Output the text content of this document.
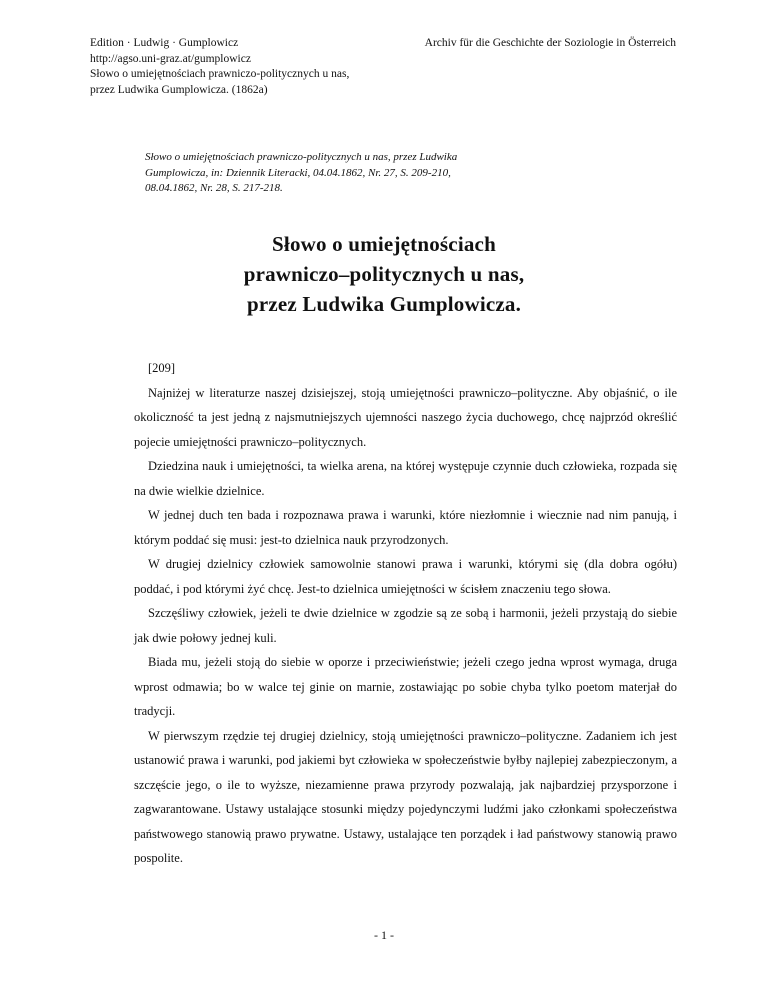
Edition · Ludwig · Gumplowicz
http://agso.uni-graz.at/gumplowicz
Słowo o umiejętnościach prawniczo-politycznych u nas,
przez Ludwika Gumplowicza. (1862a)
Archiv für die Geschichte der Soziologie in Österreich
Słowo o umiejętnościach prawniczo-politycznych u nas, przez Ludwika
Gumplowicza, in: Dziennik Literacki, 04.04.1862, Nr. 27, S. 209-210,
08.04.1862, Nr. 28, S. 217-218.
Słowo o umiejętnościach
prawniczo–politycznych u nas,
przez Ludwika Gumplowicza.
[209]

Najniżej w literaturze naszej dzisiejszej, stoją umiejętności prawniczo–polityczne. Aby objaśnić, o ile okoliczność ta jest jedną z najsmutniejszych ujemności naszego życia duchowego, chcę najprzód określić pojecie umiejętności prawniczo–politycznych.

Dziedzina nauk i umiejętności, ta wielka arena, na której występuje czynnie duch człowieka, rozpada się na dwie wielkie dzielnice.

W jednej duch ten bada i rozpoznawa prawa i warunki, które niezłomnie i wiecznie nad nim panują, i którym poddać się musi: jest-to dzielnica nauk przyrodzonych.

W drugiej dzielnicy człowiek samowolnie stanowi prawa i warunki, którymi się (dla dobra ogółu) poddać, i pod którymi żyć chcę. Jest-to dzielnica umiejętności w ścisłem znaczeniu tego słowa.

Szczęśliwy człowiek, jeżeli te dwie dzielnice w zgodzie są ze sobą i harmonii, jeżeli przystają do siebie jak dwie połowy jednej kuli.

Biada mu, jeżeli stoją do siebie w oporze i przeciwieństwie; jeżeli czego jedna wprost wymaga, druga wprost odmawia; bo w walce tej ginie on marnie, zostawiając po sobie chyba tylko poetom materjał do tradycji.

W pierwszym rzędzie tej drugiej dzielnicy, stoją umiejętności prawniczo–polityczne. Zadaniem ich jest ustanowić prawa i warunki, pod jakiemi byt człowieka w społeczeństwie byłby najlepiej zabezpieczonym, a szczęście jego, o ile to wyższe, niezamienne prawa przyrody pozwalają, jak najbardziej przysporzone i zagwarantowane. Ustawy ustalające stosunki między pojedynczymi ludźmi jako członkami społeczeństwa państwowego stanowią prawo prywatne. Ustawy, ustalające ten porządek i ład państwowy stanowią prawo pospolite.

- 1 -
